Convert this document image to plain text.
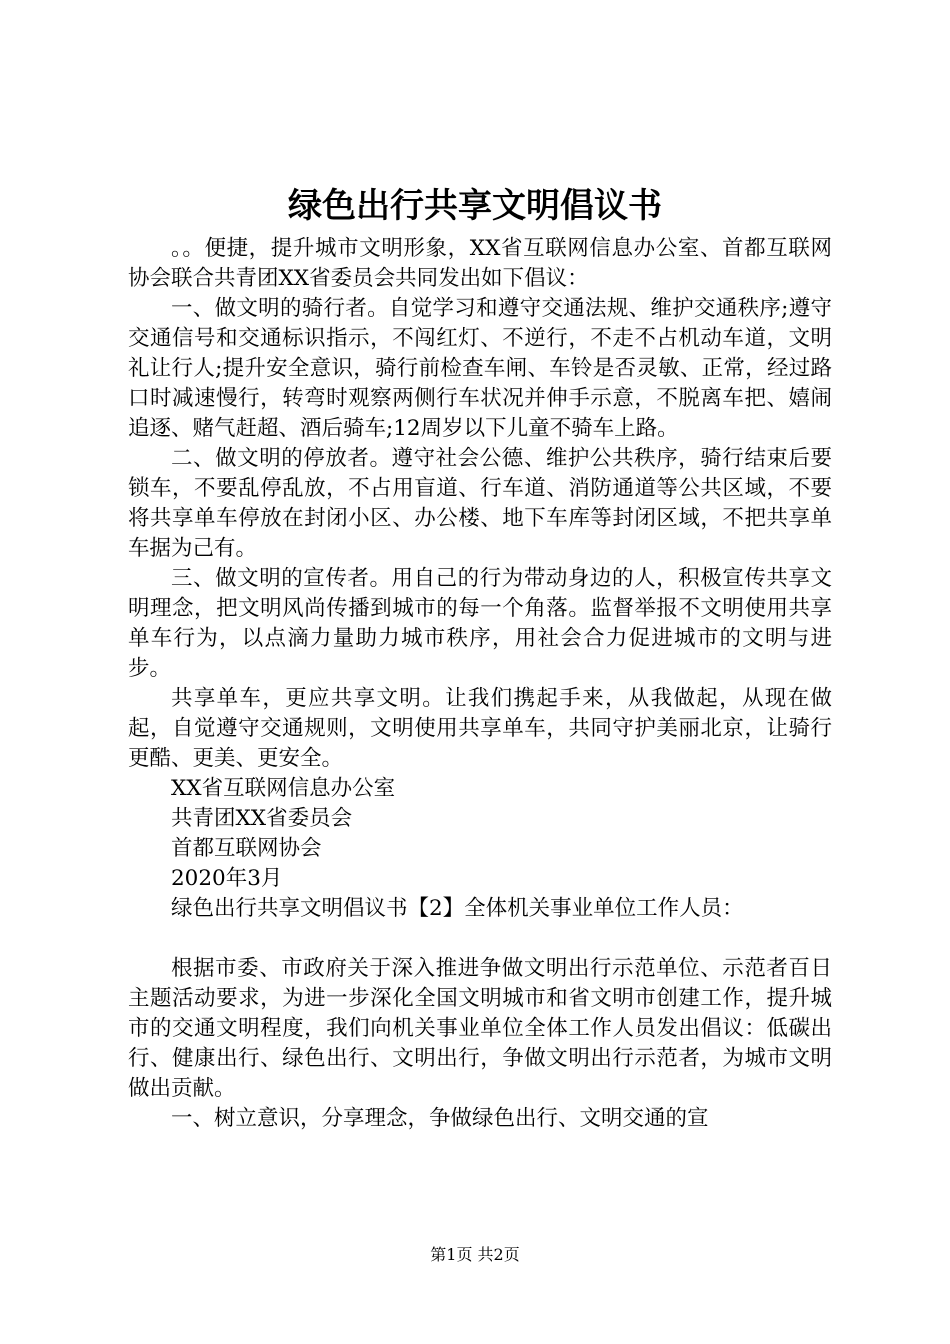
绿色出行共享文明倡议书

。。便捷，提升城市文明形象，XX省互联网信息办公室、首都互联网协会联合共青团XX省委员会共同发出如下倡议：

一、做文明的骑行者。自觉学习和遵守交通法规、维护交通秩序;遵守交通信号和交通标识指示，不闯红灯、不逆行，不走不占机动车道，文明礼让行人;提升安全意识，骑行前检查车闸、车铃是否灵敏、正常，经过路口时减速慢行，转弯时观察两侧行车状况并伸手示意，不脱离车把、嬉闹追逐、赌气赶超、酒后骑车;12周岁以下儿童不骑车上路。

二、做文明的停放者。遵守社会公德、维护公共秩序，骑行结束后要锁车，不要乱停乱放，不占用盲道、行车道、消防通道等公共区域，不要将共享单车停放在封闭小区、办公楼、地下车库等封闭区域，不把共享单车据为己有。

三、做文明的宣传者。用自己的行为带动身边的人，积极宣传共享文明理念，把文明风尚传播到城市的每一个角落。监督举报不文明使用共享单车行为，以点滴力量助力城市秩序，用社会合力促进城市的文明与进步。

共享单车，更应共享文明。让我们携起手来，从我做起，从现在做起，自觉遵守交通规则，文明使用共享单车，共同守护美丽北京，让骑行更酷、更美、更安全。

XX省互联网信息办公室

共青团XX省委员会

首都互联网协会

2020年3月

绿色出行共享文明倡议书【2】全体机关事业单位工作人员：

根据市委、市政府关于深入推进争做文明出行示范单位、示范者百日主题活动要求，为进一步深化全国文明城市和省文明市创建工作，提升城市的交通文明程度，我们向机关事业单位全体工作人员发出倡议：低碳出行、健康出行、绿色出行、文明出行，争做文明出行示范者，为城市文明做出贡献。

一、树立意识，分享理念，争做绿色出行、文明交通的宣

第1页 共2页
